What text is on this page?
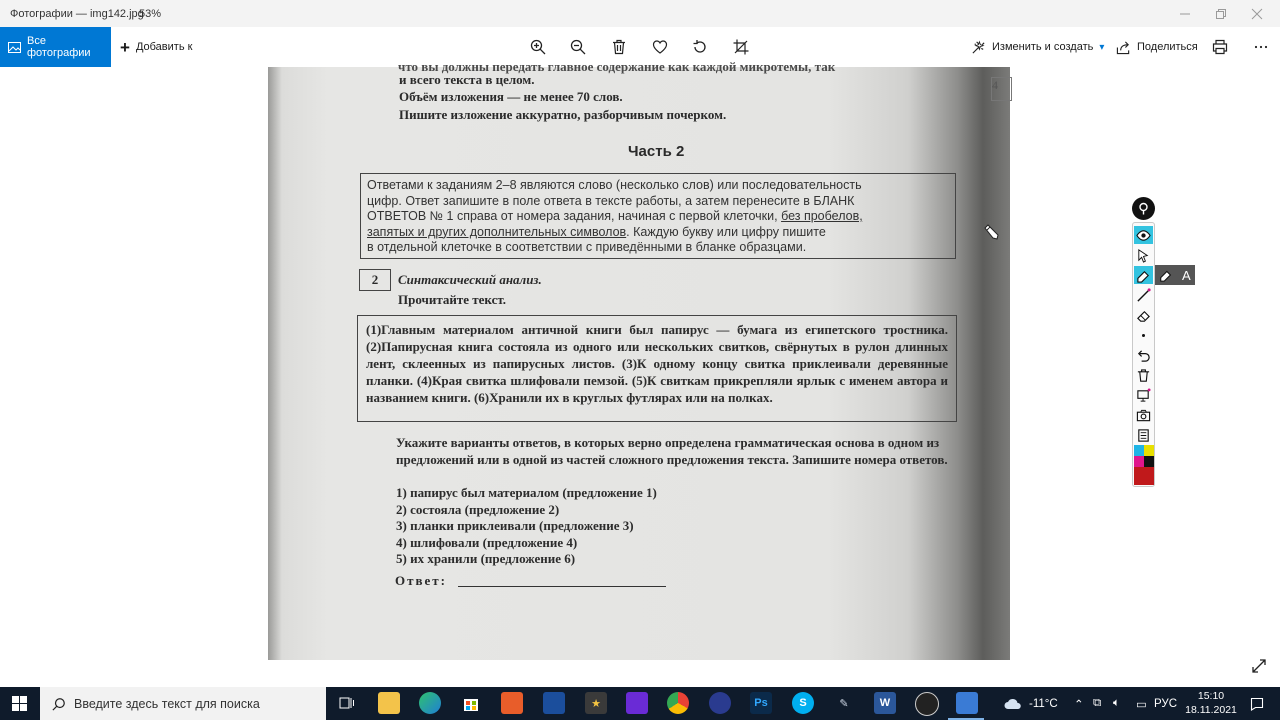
Фотографии — img142.jpg
53%
Все фотографии	+ Добавить к	Изменить и создать ▾	Поделиться
что вы должны передать главное содержание как каждой микротемы, так
и всего текста в целом.
Объём изложения — не менее 70 слов.
Пишите изложение аккуратно, разборчивым почерком.
4
Часть 2
Ответами к заданиям 2–8 являются слово (несколько слов) или последовательность
цифр. Ответ запишите в поле ответа в тексте работы, а затем перенесите в БЛАНК
ОТВЕТОВ № 1 справа от номера задания, начиная с первой клеточки, без пробелов,
запятых и других дополнительных символов. Каждую букву или цифру пишите
в отдельной клеточке в соответствии с приведёнными в бланке образцами.
2	Синтаксический анализ.
Прочитайте текст.
(1)Главным материалом античной книги был папирус — бумага из египетского тростника. (2)Папирусная книга состояла из одного или нескольких свитков, свёрнутых в рулон длинных лент, склеенных из папирусных листов. (3)К одному концу свитка приклеивали деревянные планки. (4)Края свитка шлифовали пемзой. (5)К свиткам прикрепляли ярлык с именем автора и названием книги. (6)Хранили их в круглых футлярах или на полках.
Укажите варианты ответов, в которых верно определена грамматическая основа в одном из предложений или в одной из частей сложного предложения текста. Запишите номера ответов.
1) папирус был материалом (предложение 1)
2) состояла (предложение 2)
3) планки приклеивали (предложение 3)
4) шлифовали (предложение 4)
5) их хранили (предложение 6)
Ответ:
A
Введите здесь текст для поиска	★	Ps	S	✎	W	-11°C ⌃ ⧉ 🔈︎ ▭ РУС
15:10
18.11.2021
